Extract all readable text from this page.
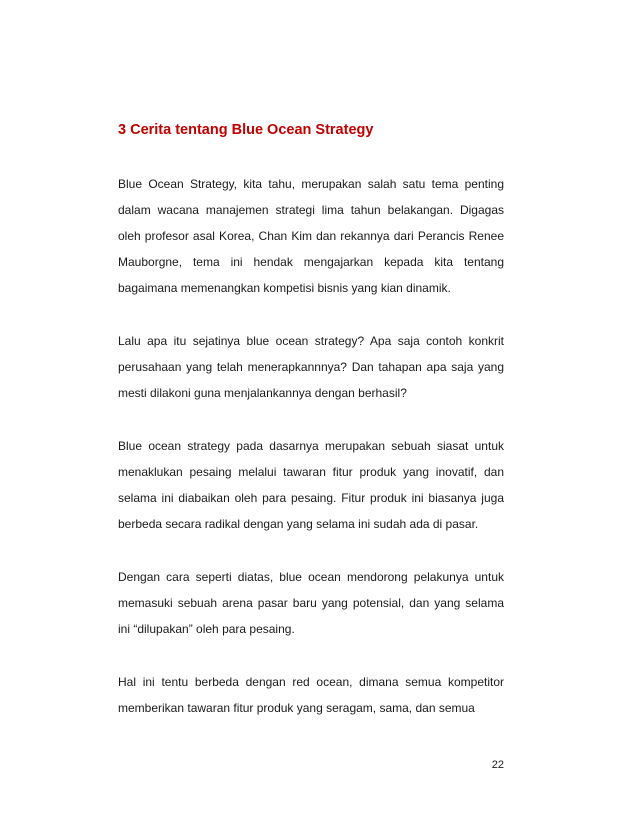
3 Cerita tentang Blue Ocean Strategy

Blue Ocean Strategy, kita tahu, merupakan salah satu tema penting dalam wacana manajemen strategi lima tahun belakangan. Digagas oleh profesor asal Korea, Chan Kim dan rekannya dari Perancis Renee Mauborgne, tema ini hendak mengajarkan kepada kita tentang bagaimana memenangkan kompetisi bisnis yang kian dinamik.

Lalu apa itu sejatinya blue ocean strategy? Apa saja contoh konkrit perusahaan yang telah menerapkannnya? Dan tahapan apa saja yang mesti dilakoni guna menjalankannya dengan berhasil?

Blue ocean strategy pada dasarnya merupakan sebuah siasat untuk menaklukan pesaing melalui tawaran fitur produk yang inovatif, dan selama ini diabaikan oleh para pesaing. Fitur produk ini biasanya juga berbeda secara radikal dengan yang selama ini sudah ada di pasar.

Dengan cara seperti diatas, blue ocean mendorong pelakunya untuk memasuki sebuah arena pasar baru yang potensial, dan yang selama ini “dilupakan” oleh para pesaing.

Hal ini tentu berbeda dengan red ocean, dimana semua kompetitor memberikan tawaran fitur produk yang seragam, sama, dan semua

22
